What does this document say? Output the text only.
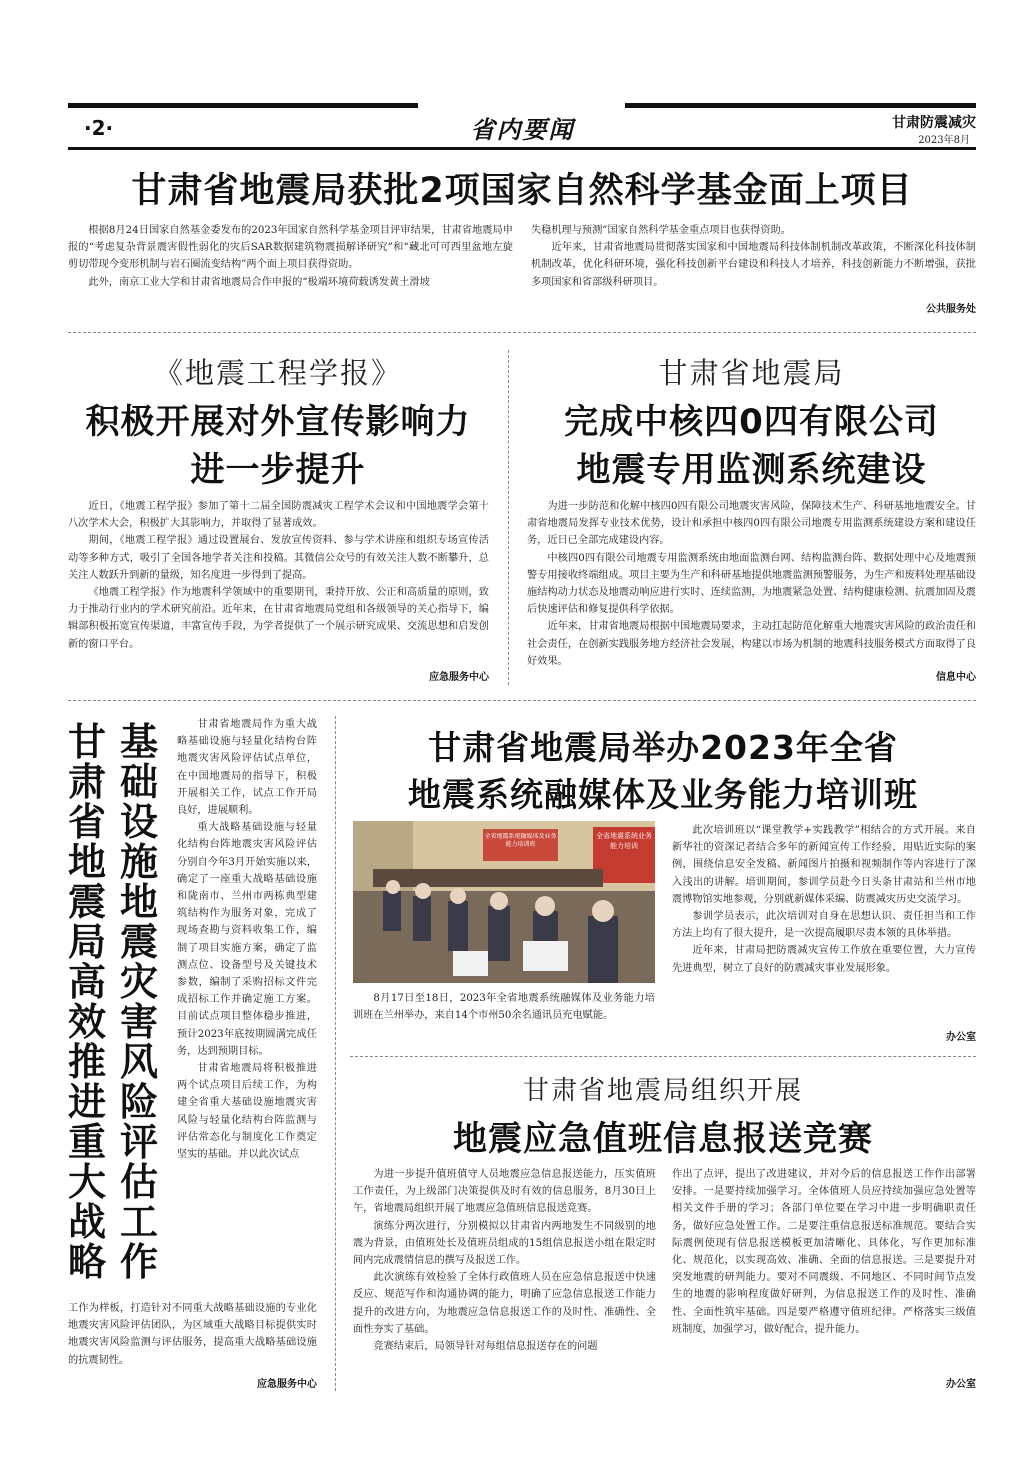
·2·	省内要闻	甘肃防震减灾
2023年8月
甘肃省地震局获批2项国家自然科学基金面上项目

根据8月24日国家自然基金委发布的2023年国家自然科学基金项目评审结果，甘肃省地震局申报的“考虑复杂背景震害假性弱化的灾后SAR数据建筑物震损解译研究”和“藏北可可西里盆地左旋剪切带现今变形机制与岩石圈流变结构”两个面上项目获得资助。

此外，南京工业大学和甘肃省地震局合作申报的“极端环境荷载诱发黄土滑坡

失稳机理与预测”国家自然科学基金重点项目也获得资助。

近年来，甘肃省地震局贯彻落实国家和中国地震局科技体制机制改革政策，不断深化科技体制机制改革，优化科研环境，强化科技创新平台建设和科技人才培养，科技创新能力不断增强，获批多项国家和省部级科研项目。

公共服务处
《地震工程学报》
积极开展对外宣传影响力
进一步提升

近日，《地震工程学报》参加了第十二届全国防震减灾工程学术会议和中国地震学会第十八次学术大会，积极扩大其影响力，并取得了显著成效。

期间，《地震工程学报》通过设置展台、发放宣传资料、参与学术讲座和组织专场宣传活动等多种方式，吸引了全国各地学者关注和投稿。其微信公众号的有效关注人数不断攀升，总关注人数跃升到新的量级，知名度进一步得到了提高。

《地震工程学报》作为地震科学领域中的重要期刊，秉持开放、公正和高质量的原则，致力于推动行业内的学术研究前沿。近年来，在甘肃省地震局党组和各级领导的关心指导下，编辑部积极拓宽宣传渠道，丰富宣传手段，为学者提供了一个展示研究成果、交流思想和启发创新的窗口平台。

应急服务中心
甘肃省地震局
完成中核四0四有限公司
地震专用监测系统建设

为进一步防范和化解中核四0四有限公司地震灾害风险，保障技术生产、科研基地地震安全。甘肃省地震局发挥专业技术优势，设计和承担中核四0四有限公司地震专用监测系统建设方案和建设任务，近日已全部完成建设内容。

中核四0四有限公司地震专用监测系统由地面监测台网、结构监测台阵、数据处理中心及地震预警专用接收终端组成。项目主要为生产和科研基地提供地震监测预警服务，为生产和废料处理基础设施结构动力状态及地震动响应进行实时、连续监测，为地震紧急处置、结构健康检测、抗震加固及震后快速评估和修复提供科学依据。

近年来，甘肃省地震局根据中国地震局要求，主动扛起防范化解重大地震灾害风险的政治责任和社会责任，在创新实践服务地方经济社会发展，构建以市场为机制的地震科技服务模式方面取得了良好效果。

信息中心
基础设施地震灾害风险评估工作
甘肃省地震局高效推进重大战略

甘肃省地震局作为重大战略基础设施与轻量化结构台阵地震灾害风险评估试点单位，在中国地震局的指导下，积极开展相关工作，试点工作开局良好，进展顺利。

重大战略基础设施与轻量化结构台阵地震灾害风险评估分别自今年3月开始实施以来，确定了一座重大战略基础设施和陇南市、兰州市两栋典型建筑结构作为服务对象，完成了现场查勘与资料收集工作，编制了项目实施方案，确定了监测点位、设备型号及关键技术参数，编制了采购招标文件完成招标工作并确定施工方案。目前试点项目整体稳步推进，预计2023年底按期圆满完成任务，达到预期目标。

甘肃省地震局将积极推进两个试点项目后续工作，为构建全省重大基础设施地震灾害风险与轻量化结构台阵监测与评估常态化与制度化工作奠定坚实的基础。并以此次试点

工作为样板，打造针对不同重大战略基础设施的专业化地震灾害风险评估团队，为区域重大战略目标提供实时地震灾害风险监测与评估服务，提高重大战略基础设施的抗震韧性。
应急服务中心
甘肃省地震局举办2023年全省
地震系统融媒体及业务能力培训班
全省地震系统融媒体及业务能力培训班
全省地震系统业务能力培训

8月17日至18日，2023年全省地震系统融媒体及业务能力培训班在兰州举办，来自14个市州50余名通讯员充电赋能。

此次培训班以“课堂教学+实践教学”相结合的方式开展。来自新华社的资深记者结合多年的新闻宣传工作经验，用贴近实际的案例，围绕信息安全发稿、新闻图片拍摄和视频制作等内容进行了深入浅出的讲解。培训期间，参训学员赴今日头条甘肃站和兰州市地震博物馆实地参观，分别就新媒体采编、防震减灾历史交流学习。

参训学员表示，此次培训对自身在思想认识、责任担当和工作方法上均有了很大提升，是一次提高履职尽责本领的具体举措。

近年来，甘肃局把防震减灾宣传工作放在重要位置，大力宣传先进典型，树立了良好的防震减灾事业发展形象。

办公室
甘肃省地震局组织开展
地震应急值班信息报送竞赛

为进一步提升值班值守人员地震应急信息报送能力，压实值班工作责任，为上级部门决策提供及时有效的信息服务，8月30日上午，省地震局组织开展了地震应急值班信息报送竞赛。

演练分两次进行，分别模拟以甘肃省内两地发生不同级别的地震为背景，由值班处长及值班员组成的15组信息报送小组在限定时间内完成震情信息的撰写及报送工作。

此次演练有效检验了全体行政值班人员在应急信息报送中快速反应、规范写作和沟通协调的能力，明确了应急信息报送工作能力提升的改进方向，为地震应急信息报送工作的及时性、准确性、全面性夯实了基础。

竞赛结束后，局领导针对每组信息报送存在的问题

作出了点评，提出了改进建议，并对今后的信息报送工作作出部署安排。一是要持续加强学习。全体值班人员应持续加强应急处置等相关文件手册的学习；各部门单位要在学习中进一步明确职责任务，做好应急处置工作。二是要注重信息报送标准规范。要结合实际震例使现有信息报送模板更加清晰化、具体化，写作更加标准化、规范化，以实现高效、准确、全面的信息报送。三是要提升对突发地震的研判能力。要对不同震级、不同地区、不同时间节点发生的地震的影响程度做好研判，为信息报送工作的及时性、准确性、全面性筑牢基础。四是要严格遵守值班纪律。严格落实三级值班制度，加强学习，做好配合，提升能力。

办公室
